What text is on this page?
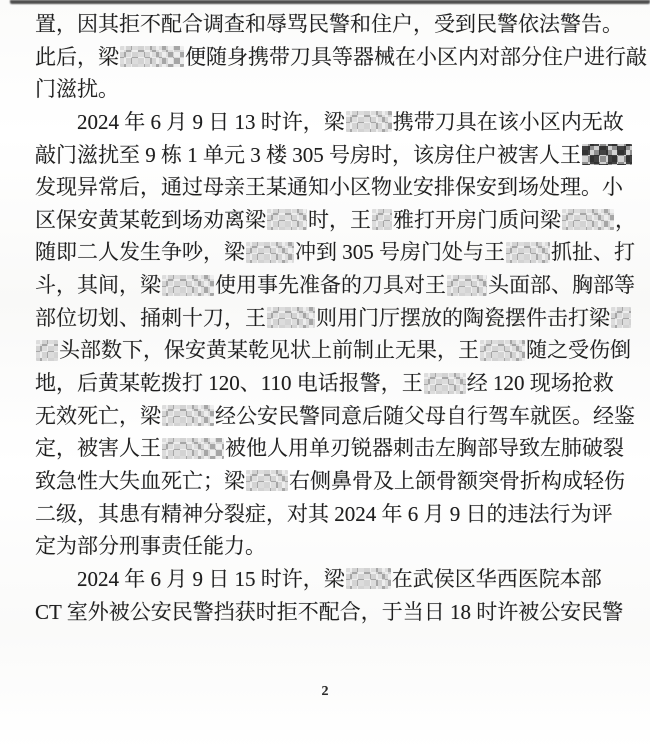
置，因其拒不配合调查和辱骂民警和住户，受到民警依法警告。
此后，梁	便随身携带刀具等器械在小区内对部分住户进行敲
门滋扰。
2024 年 6 月 9 日 13 时许，梁 携带刀具在该小区内无故
敲门滋扰至 9 栋 1 单元 3 楼 305 号房时，该房住户被害人王
发现异常后，通过母亲王某通知小区物业安排保安到场处理。小
区保安黄某乾到场劝离梁 时，王 雅打开房门质问梁	，
随即二人发生争吵，梁 冲到 305 号房门处与王 抓扯、打
斗，其间，梁	使用事先准备的刀具对王 头面部、胸部等
部位切划、捅刺十刀，王 则用门厅摆放的陶瓷摆件击打梁
头部数下，保安黄某乾见状上前制止无果，王 随之受伤倒
地，后黄某乾拨打 120、110 电话报警，王 经 120 现场抢救
无效死亡，梁	经公安民警同意后随父母自行驾车就医。经鉴
定，被害人王	被他人用单刃锐器刺击左胸部导致左肺破裂
致急性大失血死亡；梁 右侧鼻骨及上颌骨额突骨折构成轻伤
二级，其患有精神分裂症，对其 2024 年 6 月 9 日的违法行为评
定为部分刑事责任能力。
2024 年 6 月 9 日 15 时许，梁 在武侯区华西医院本部
CT 室外被公安民警挡获时拒不配合，于当日 18 时许被公安民警
2
